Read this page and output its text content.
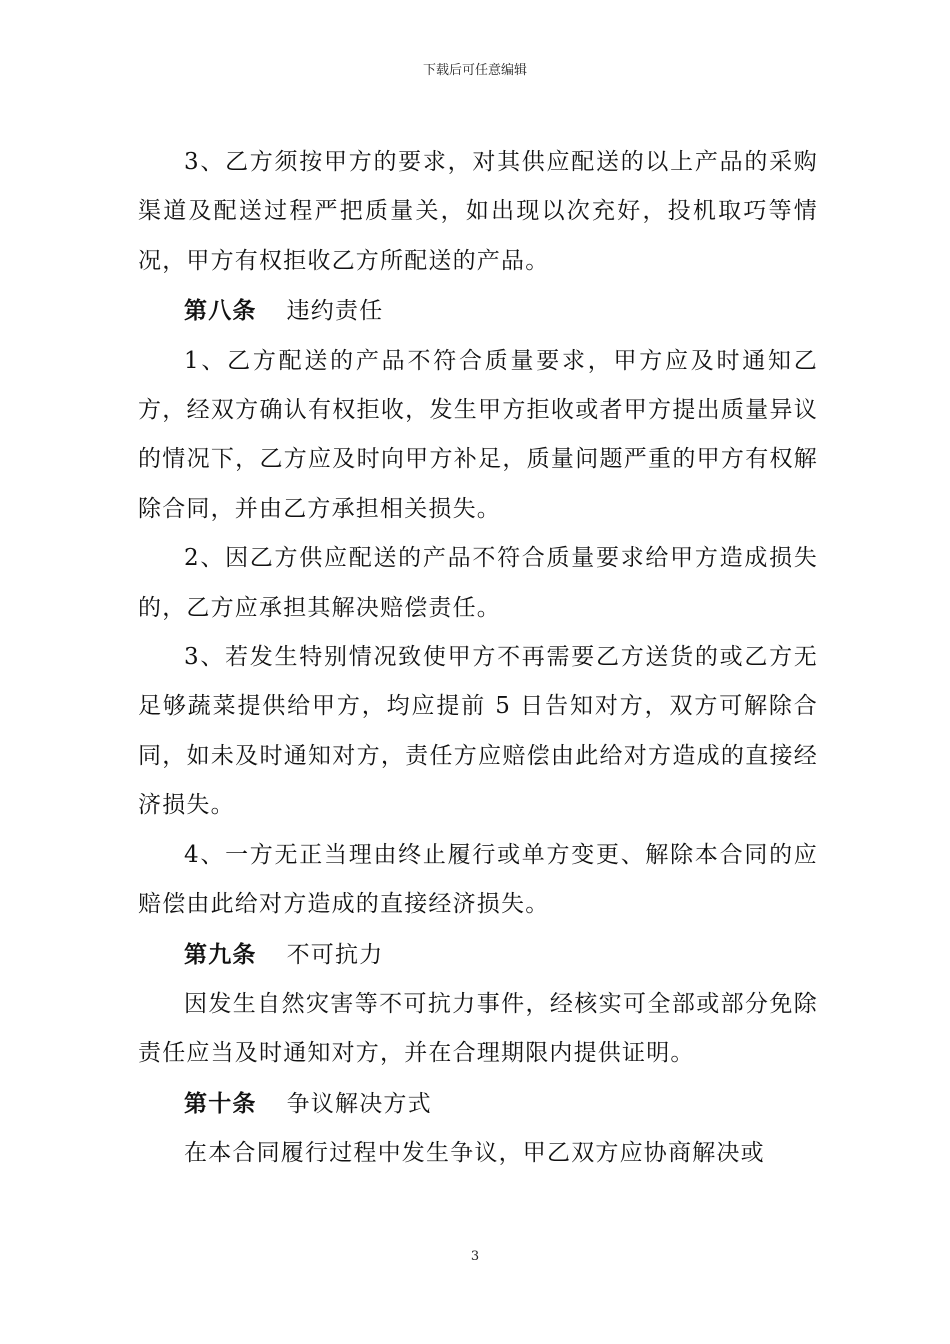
下载后可任意编辑

3、乙方须按甲方的要求，对其供应配送的以上产品的采购渠道及配送过程严把质量关，如出现以次充好，投机取巧等情况，甲方有权拒收乙方所配送的产品。

第八条 违约责任

1、乙方配送的产品不符合质量要求，甲方应及时通知乙方，经双方确认有权拒收，发生甲方拒收或者甲方提出质量异议的情况下，乙方应及时向甲方补足，质量问题严重的甲方有权解除合同，并由乙方承担相关损失。

2、因乙方供应配送的产品不符合质量要求给甲方造成损失的，乙方应承担其解决赔偿责任。

3、若发生特别情况致使甲方不再需要乙方送货的或乙方无足够蔬菜提供给甲方，均应提前 5 日告知对方，双方可解除合同，如未及时通知对方，责任方应赔偿由此给对方造成的直接经济损失。

4、一方无正当理由终止履行或单方变更、解除本合同的应赔偿由此给对方造成的直接经济损失。

第九条 不可抗力

因发生自然灾害等不可抗力事件，经核实可全部或部分免除责任应当及时通知对方，并在合理期限内提供证明。

第十条 争议解决方式

在本合同履行过程中发生争议，甲乙双方应协商解决或

3
